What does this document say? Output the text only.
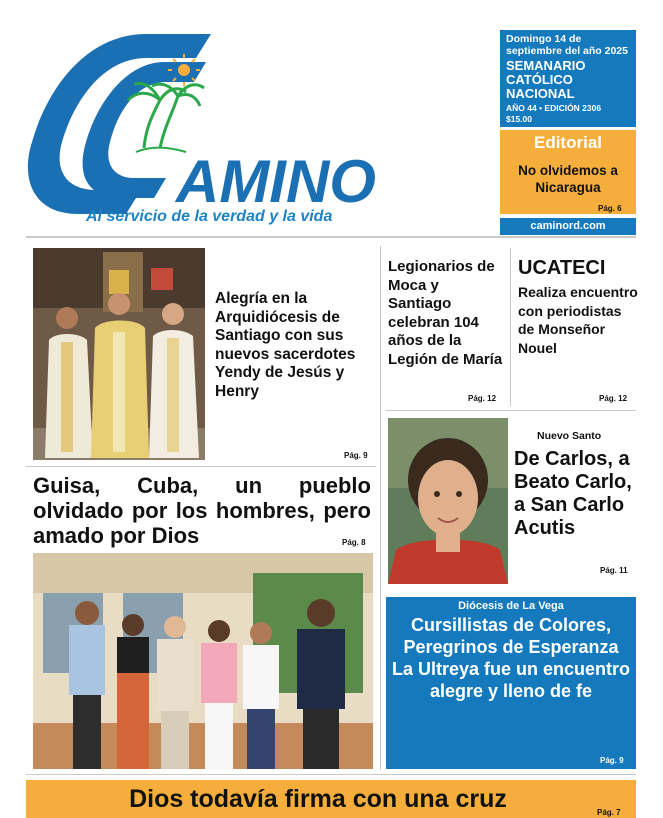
AMINO
Al servicio de la verdad y la vida
Domingo 14 de septiembre del año 2025
SEMANARIO CATÓLICO NACIONAL
AÑO 44 • EDICIÓN 2306
$15.00
Editorial
No olvidemos a Nicaragua
Pág. 6
caminord.com
Alegría en la Arquidiócesis de Santiago con sus nuevos sacerdotes Yendy de Jesús y Henry
Pág. 9
Legionarios de Moca y Santiago celebran 104 años de la Legión de María
Pág. 12
UCATECI
Realiza encuentro con periodistas de Monseñor Nouel
Pág. 12
Nuevo Santo
De Carlos, a Beato Carlo, a San Carlo Acutis
Pág. 11
Guisa, Cuba, un pueblo olvidado por los hombres, pero amado por Dios	Pág. 8
Diócesis de La Vega
Cursillistas de Colores, Peregrinos de Esperanza
La Ultreya fue un encuentro alegre y lleno de fe
Pág. 9
Dios todavía firma con una cruz	Pág. 7
